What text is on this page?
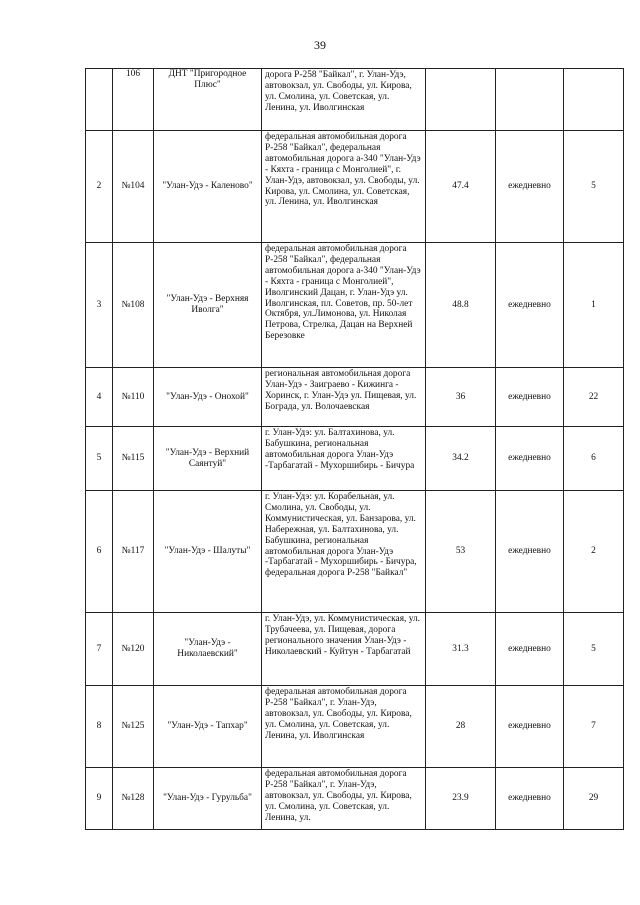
39
	106	ДНТ "Пригородное Плюс"	дорога Р-258 "Байкал", г. Улан-Удэ, автовокзал, ул. Свободы, ул. Кирова, ул. Смолина, ул. Советская, ул. Ленина, ул. Иволгинская			
2	№104	"Улан-Удэ - Каленово"	федеральная автомобильная дорога Р-258 "Байкал", федеральная автомобильная дорога а-340 "Улан-Удэ - Кяхта - граница с Монголией", г. Улан-Удэ, автовокзал, ул. Свободы, ул. Кирова, ул. Смолина, ул. Советская, ул. Ленина, ул. Иволгинская	47.4	ежедневно	5
3	№108	"Улан-Удэ - Верхняя Иволга"	федеральная автомобильная дорога Р-258 "Байкал", федеральная автомобильная дорога а-340 "Улан-Удэ - Кяхта - граница с Монголией", Иволгинский Дацан, г. Улан-Удэ ул. Иволгинская, пл. Советов, пр. 50-лет Октября, ул.Лимонова, ул. Николая Петрова, Стрелка, Дацан на Верхней Березовке	48.8	ежедневно	1
4	№110	"Улан-Удэ - Онохой"	региональная автомобильная дорога Улан-Удэ - Заиграево - Кижинга - Хоринск, г. Улан-Удэ ул. Пищевая, ул. Бограда, ул. Волочаевская	36	ежедневно	22
5	№115	"Улан-Удэ - Верхний Саянтуй"	г. Улан-Удэ: ул. Балтахинова, ул. Бабушкина, региональная автомобильная дорога Улан-Удэ -Тарбагатай - Мухоршибирь - Бичура	34.2	ежедневно	6
6	№117	"Улан-Удэ - Шалуты"	г. Улан-Удэ: ул. Корабельная, ул. Смолина, ул. Свободы, ул. Коммунистическая, ул. Банзарова, ул. Набережная, ул. Балтахинова, ул. Бабушкина, региональная автомобильная дорога Улан-Удэ -Тарбагатай - Мухоршибирь - Бичура, федеральная дорога Р-258 "Байкал"	53	ежедневно	2
7	№120	"Улан-Удэ - Николаевский"	г. Улан-Удэ, ул. Коммунистическая, ул. Трубачеева, ул. Пищевая, дорога регионального значения Улан-Удэ - Николаевский - Куйтун - Тарбагатай	31.3	ежедневно	5
8	№125	"Улан-Удэ - Тапхар"	федеральная автомобильная дорога Р-258 "Байкал", г. Улан-Удэ, автовокзал, ул. Свободы, ул. Кирова, ул. Смолина, ул. Советская, ул. Ленина, ул. Иволгинская	28	ежедневно	7
9	№128	"Улан-Удэ - Гурульба"	федеральная автомобильная дорога Р-258 "Байкал", г. Улан-Удэ, автовокзал, ул. Свободы, ул. Кирова, ул. Смолина, ул. Советская, ул. Ленина, ул.	23.9	ежедневно	29
